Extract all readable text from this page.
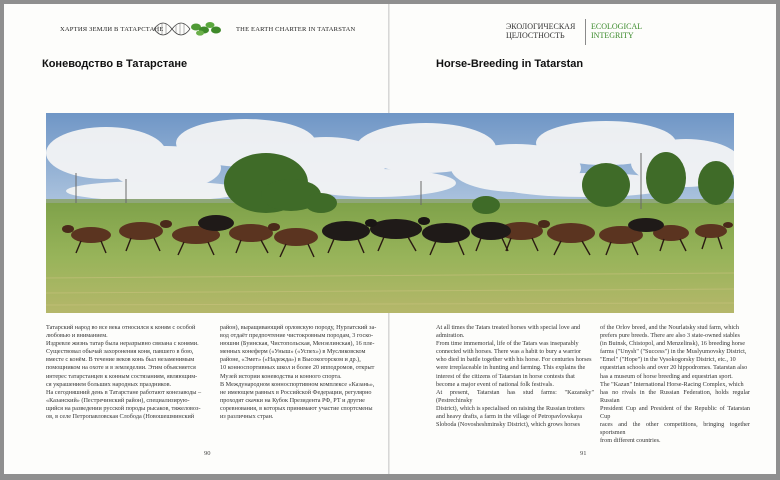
ХАРТИЯ ЗЕМЛИ В ТАТАРСТАНЕ	THE EARTH CHARTER IN TATARSTAN	ЭКОЛОГИЧЕСКАЯ
ЦЕЛОСТНОСТЬ
ECOLOGICAL
INTEGRITY
Коневодство в Татарстане	Horse-Breeding in Tatarstan
Татарский народ во все века относился к коням с особой
любовью и вниманием.
Издревле жизнь татар была неразрывно связана с конями.
Существовал обычай захоронения коня, павшего в бою,
вместе с конём. В течение веков конь был незаменимым
помощником на охоте и в земледелии. Этим объясняется
интерес татарстанцев к конным состязаниям, являющим-
ся украшением больших народных праздников.
На сегодняшний день в Татарстане работают конезаводы –
«Казанский» (Пестречинский район), специализирую-
щийся на разведении русской породы рысаков, тяжеловоз-
ов, в селе Петропавловская Слобода (Новошешминский
район), выращивающий орловскую породу, Нурлатский за-
вод отдаёт предпочтение чистокровным породам, 3 госко-
нюшни (Буинская, Чистопольская, Мензелинская), 16 пле-
менных конеферм («Уныш» («Успех») в Мусликовском
районе, «Эмет» («Надежда») в Высокогорском и др.),
10 конноспортивных школ и более 20 ипподромов, открыт
Музей истории коневодства и конного спорта.
В Международном конноспортивном комплексе «Казань»,
не имеющем равных в Российской Федерации, регулярно
проходят скачки на Кубок Президента РФ, РТ и другие
соревнования, в которых принимают участие спортсмены
из различных стран.
At all times the Tatars treated horses with special love and
admiration.
From time immemorial, life of the Tatars was inseparably
connected with horses. There was a habit to bury a warrior
who died in battle together with his horse. For centuries horses
were irreplaceable in hunting and farming. This explains the
interest of the citizens of Tatarstan in horse contests that
become a major event of national folk festivals.
At present, Tatarstan has stud farms: "Kazansky" (Pestrechinsky
District), which is specialised on raising the Russian trotters
and heavy drafts, a farm in the village of Petropavlovskaya
Sloboda (Novosheshminsky District), which grows horses
of the Orlov breed, and the Nourlatsky stud farm, which
prefers pure breeds. There are also 3 state-owned stables
(in Buinsk, Chistopol, and Menzelinsk), 16 breeding horse
farms ("Unysh" ("Success") in the Muslyumovsky District,
"Emel" ("Hope") in the Vysokogorsky District, etc., 10
equestrian schools and over 20 hippodromes. Tatarstan also
has a museum of horse breeding and equestrian sport.
The "Kazan" International Horse-Racing Complex, which
has no rivals in the Russian Federation, holds regular Russian
President Cup and President of the Republic of Tatarstan Cup
races and the other competitions, bringing together sportsmen
from different countries.
90	91
